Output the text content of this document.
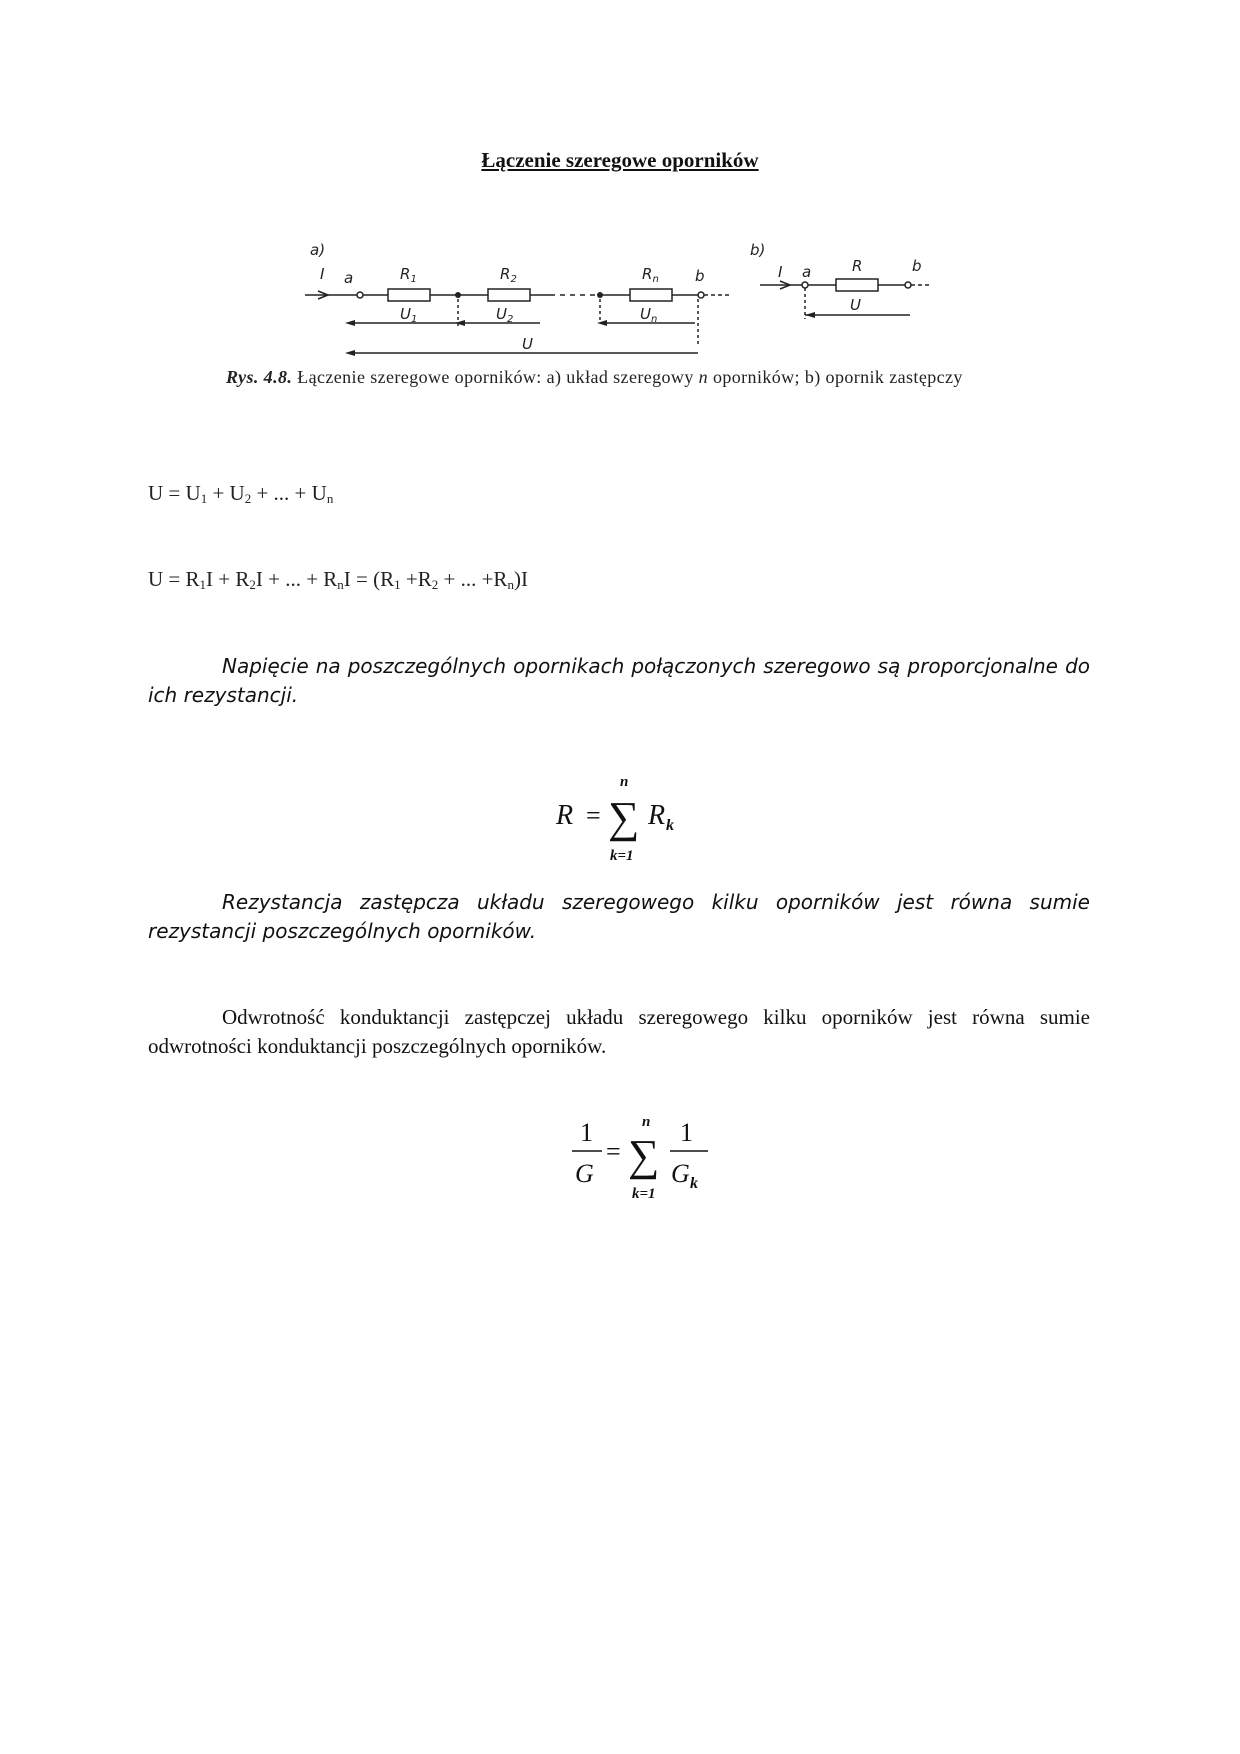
Łączenie szeregowe oporników
a)
I a	$R_1$	$R_2$	$R_n$ b
$U_1$	$U_2$	$U_n$
U
b)
I a	R	b
U
Rys. 4.8. Łączenie szeregowe oporników: a) układ szeregowy n oporników; b) opornik zastępczy
$U = U_1 + U_2$ + ... + $U_n$
$U = R_1I + R_2I$ + ... + $R_nI = (R_1 +R_2$ + ... $+R_n)I$
Napięcie na poszczególnych opornikach połączonych szeregowo są proporcjonalne do ich rezystancji.
R = ∑
n
k=1
R k
Rezystancja zastępcza układu szeregowego kilku oporników jest równa sumie rezystancji poszczególnych oporników.
Odwrotność konduktancji zastępczej układu szeregowego kilku oporników jest równa sumie odwrotności konduktancji poszczególnych oporników.
1
G
= ∑
n
k=1
1
G k
